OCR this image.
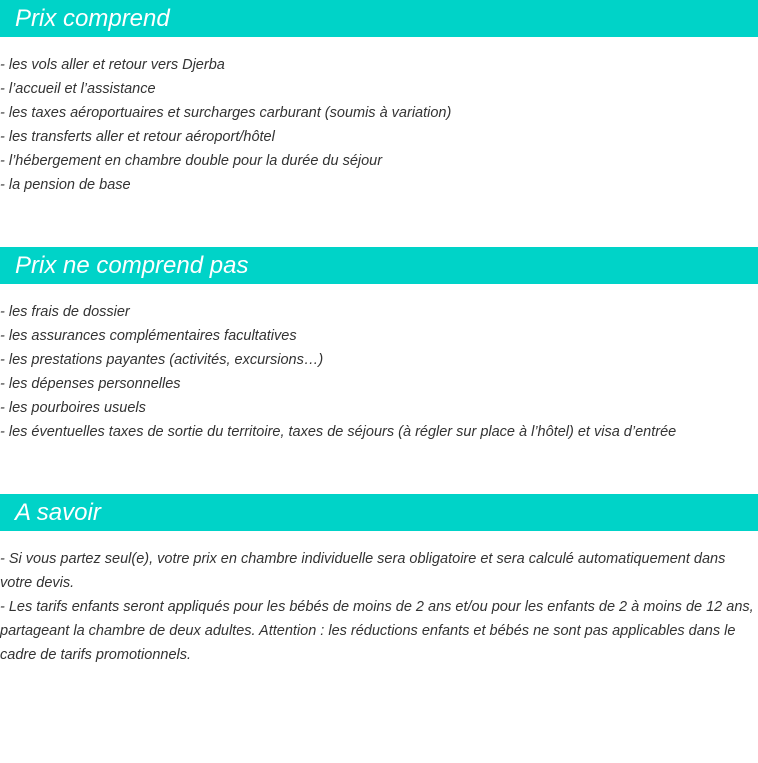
Prix comprend

- les vols aller et retour vers Djerba

- l’accueil et l’assistance

- les taxes aéroportuaires et surcharges carburant (soumis à variation)

- les transferts aller et retour aéroport/hôtel

- l’hébergement en chambre double pour la durée du séjour

- la pension de base

Prix ne comprend pas

- les frais de dossier

- les assurances complémentaires facultatives

- les prestations payantes (activités, excursions…)

- les dépenses personnelles

- les pourboires usuels

- les éventuelles taxes de sortie du territoire, taxes de séjours (à régler sur place à l’hôtel) et visa d’entrée

A savoir

- Si vous partez seul(e), votre prix en chambre individuelle sera obligatoire et sera calculé automatiquement dans votre devis.

- Les tarifs enfants seront appliqués pour les bébés de moins de 2 ans et/ou pour les enfants de 2 à moins de 12 ans, partageant la chambre de deux adultes. Attention : les réductions enfants et bébés ne sont pas applicables dans le cadre de tarifs promotionnels.
